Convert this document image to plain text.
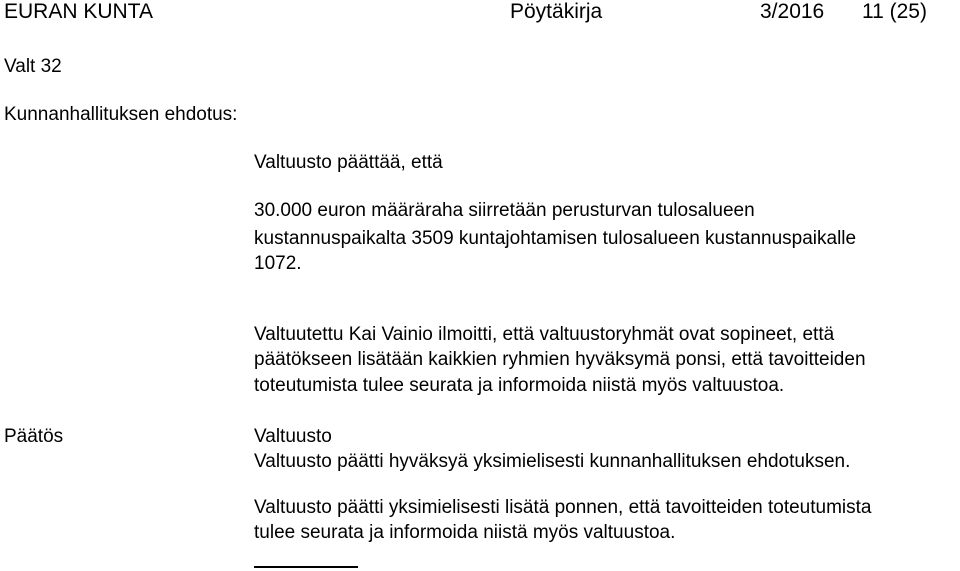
EURAN KUNTA	Pöytäkirja	3/2016 11 (25)
Valt 32
Kunnanhallituksen ehdotus:
Valtuusto päättää, että
30.000 euron määräraha siirretään perusturvan tulosalueen
kustannuspaikalta 3509 kuntajohtamisen tulosalueen kustannuspaikalle
1072.
Valtuutettu Kai Vainio ilmoitti, että valtuustoryhmät ovat sopineet, että
päätökseen lisätään kaikkien ryhmien hyväksymä ponsi, että tavoitteiden
toteutumista tulee seurata ja informoida niistä myös valtuustoa.
Päätös	Valtuusto
Valtuusto päätti hyväksyä yksimielisesti kunnanhallituksen ehdotuksen.
Valtuusto päätti yksimielisesti lisätä ponnen, että tavoitteiden toteutumista
tulee seurata ja informoida niistä myös valtuustoa.
